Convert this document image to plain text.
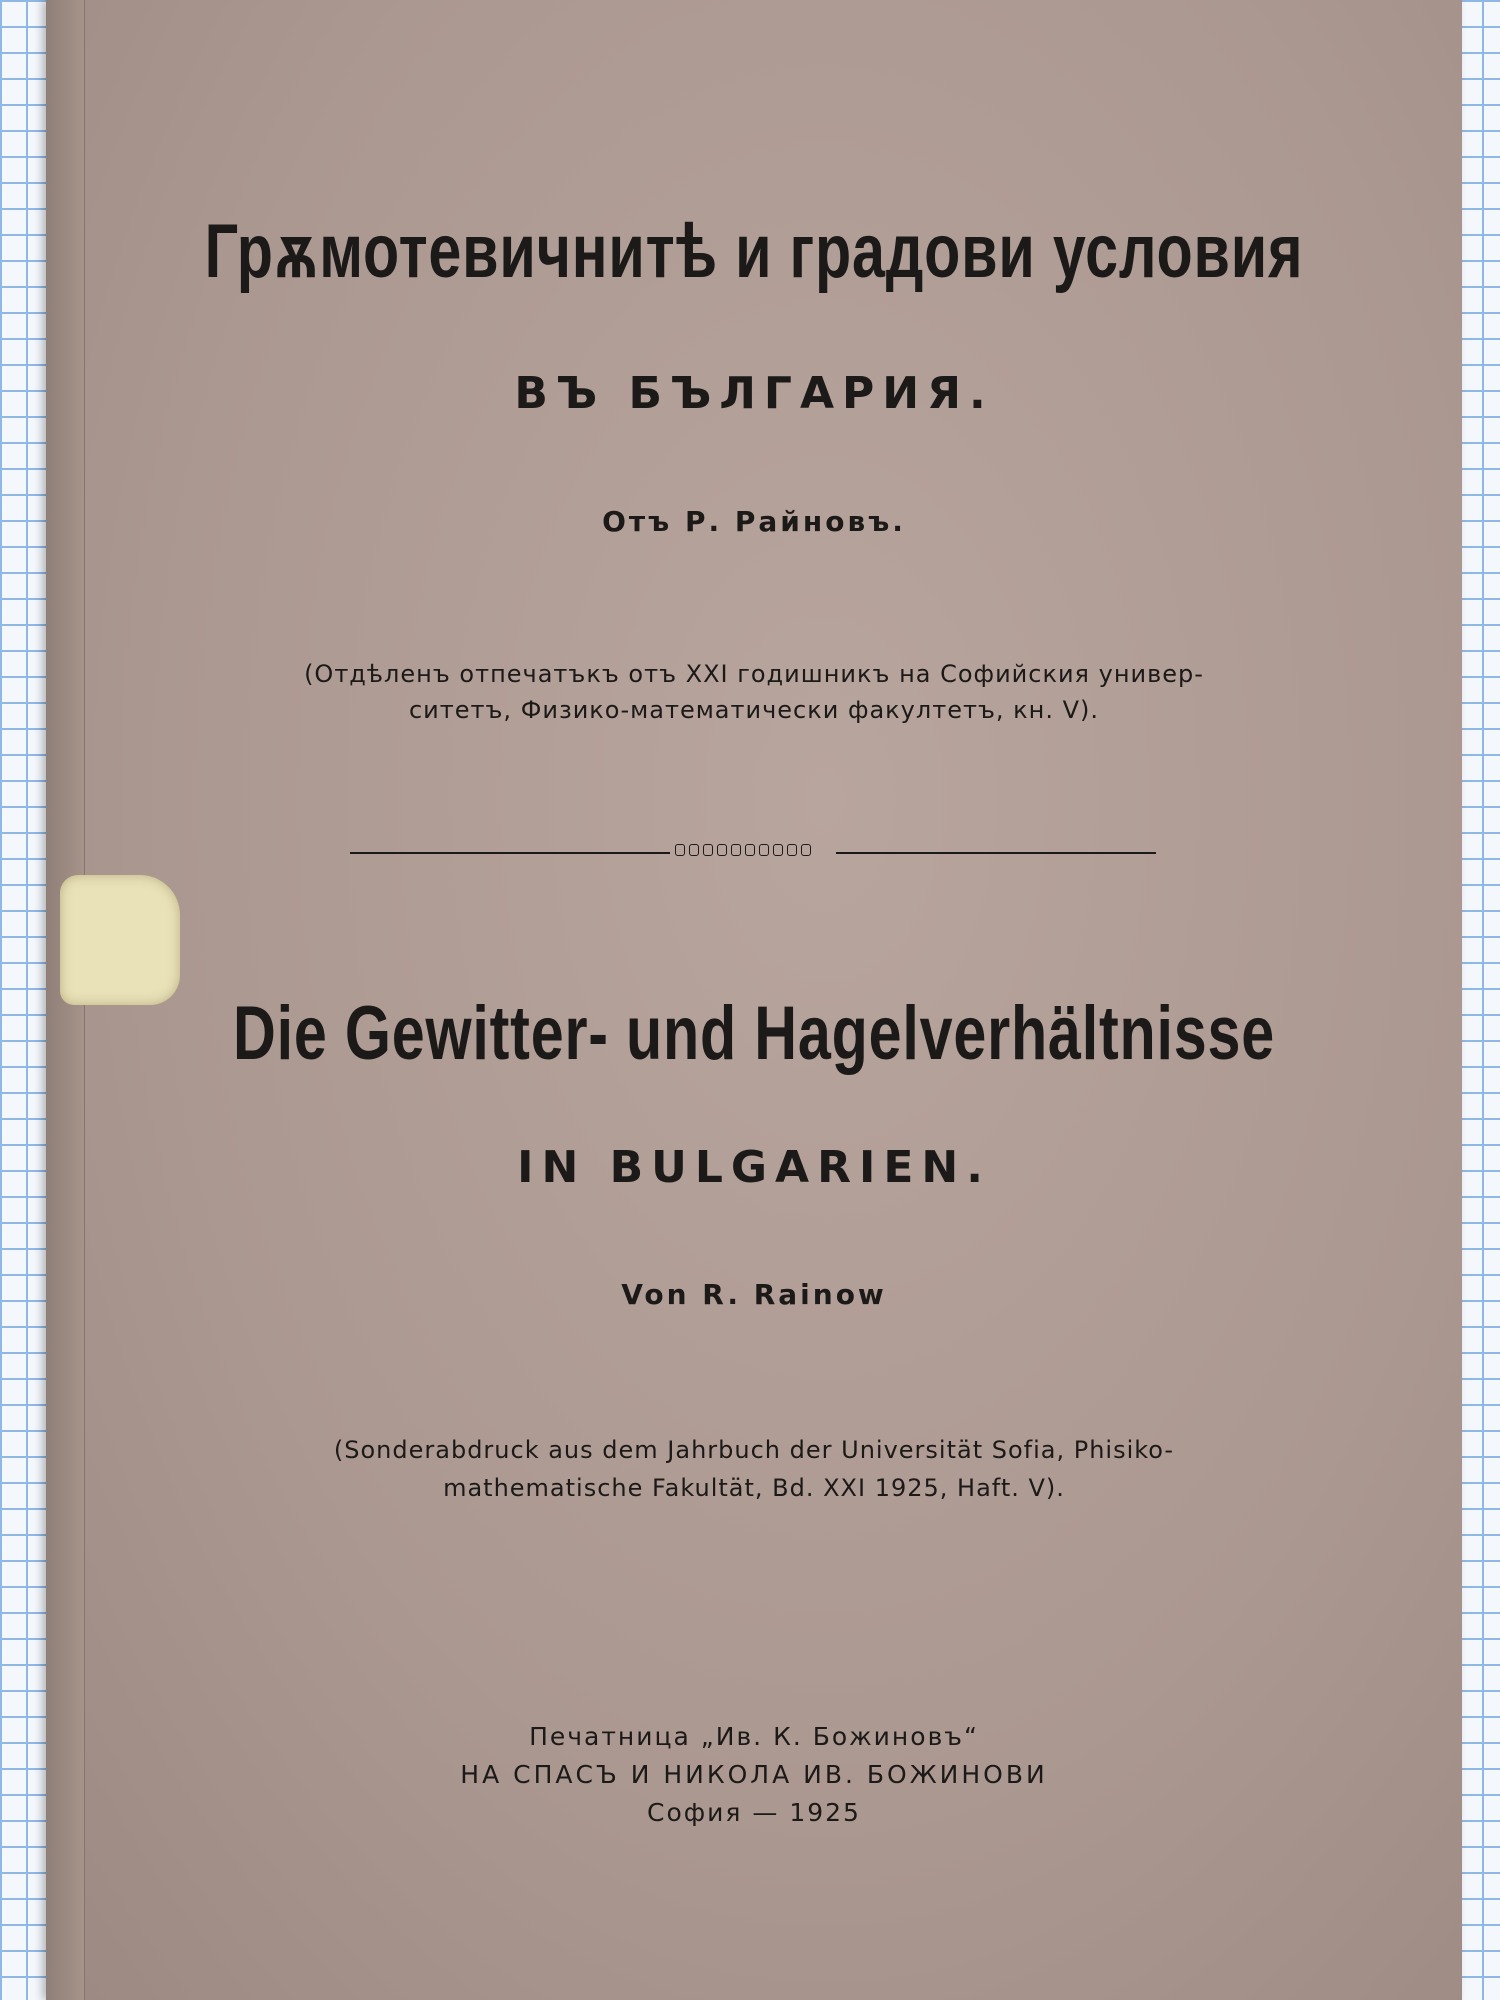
Грѫмотевичнитѣ и градови условия
ВЪ БЪЛГАРИЯ.
Отъ Р. Райновъ.
(Отдѣленъ отпечатъкъ отъ XXI годишникъ на Софийския универ-
ситетъ, Физико-математически факултетъ, кн. V).
Die Gewitter- und Hagelverhältnisse
IN BULGARIEN.
Von R. Rainow
(Sonderabdruck aus dem Jahrbuch der Universität Sofia, Phisiko-
mathematische Fakultät, Bd. XXI 1925, Haft. V).
Печатница „Ив. К. Божиновъ“
НА СПАСЪ И НИКОЛА ИВ. БОЖИНОВИ
София — 1925
